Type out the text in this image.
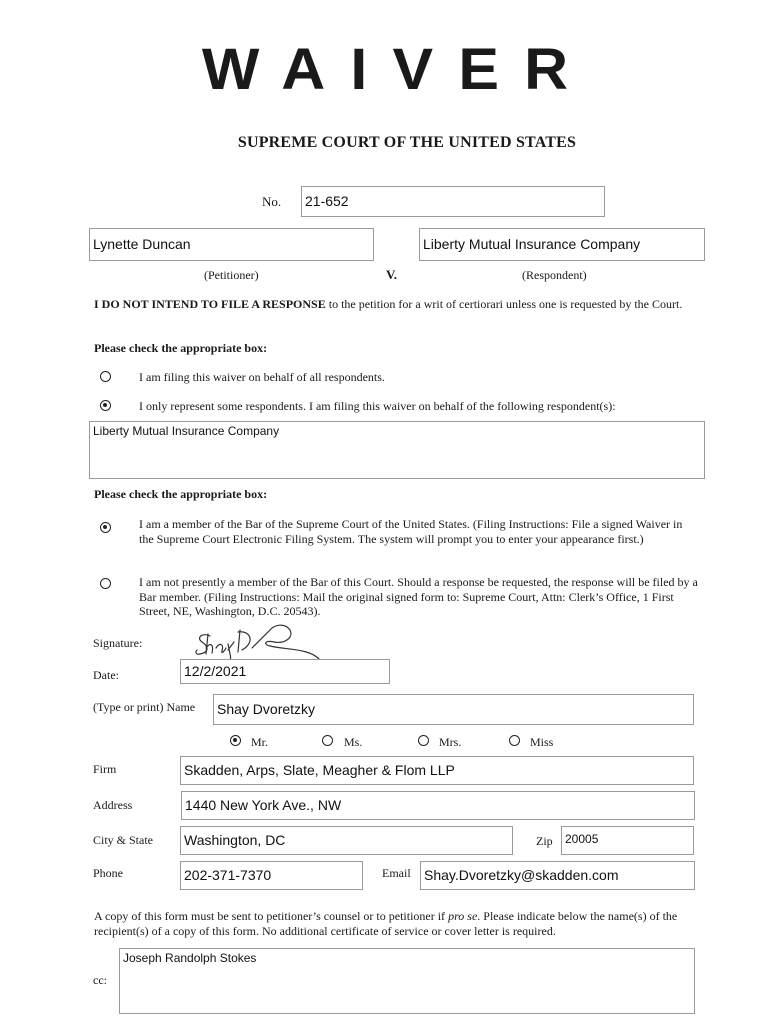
WAIVER
SUPREME COURT OF THE UNITED STATES
No. 21-652
Lynette Duncan	Liberty Mutual Insurance Company
(Petitioner)	V.	(Respondent)
I DO NOT INTEND TO FILE A RESPONSE to the petition for a writ of certiorari unless one is requested by the Court.
Please check the appropriate box:
I am filing this waiver on behalf of all respondents.
I only represent some respondents. I am filing this waiver on behalf of the following respondent(s):
Liberty Mutual Insurance Company
Please check the appropriate box:
I am a member of the Bar of the Supreme Court of the United States. (Filing Instructions: File a signed Waiver in the Supreme Court Electronic Filing System. The system will prompt you to enter your appearance first.)
I am not presently a member of the Bar of this Court. Should a response be requested, the response will be filed by a Bar member. (Filing Instructions: Mail the original signed form to: Supreme Court, Attn: Clerk’s Office, 1 First Street, NE, Washington, D.C. 20543).
Signature:
Date:	12/2/2021
(Type or print) Name Shay Dvoretzky
Mr.	Ms.	Mrs.	Miss
Firm	Skadden, Arps, Slate, Meagher & Flom LLP
Address	1440 New York Ave., NW
City & State Washington, DC	Zip	20005
Phone	202-371-7370	Email Shay.Dvoretzky@skadden.com
A copy of this form must be sent to petitioner’s counsel or to petitioner if pro se. Please indicate below the name(s) of the recipient(s) of a copy of this form. No additional certificate of service or cover letter is required.
cc:
Joseph Randolph Stokes
